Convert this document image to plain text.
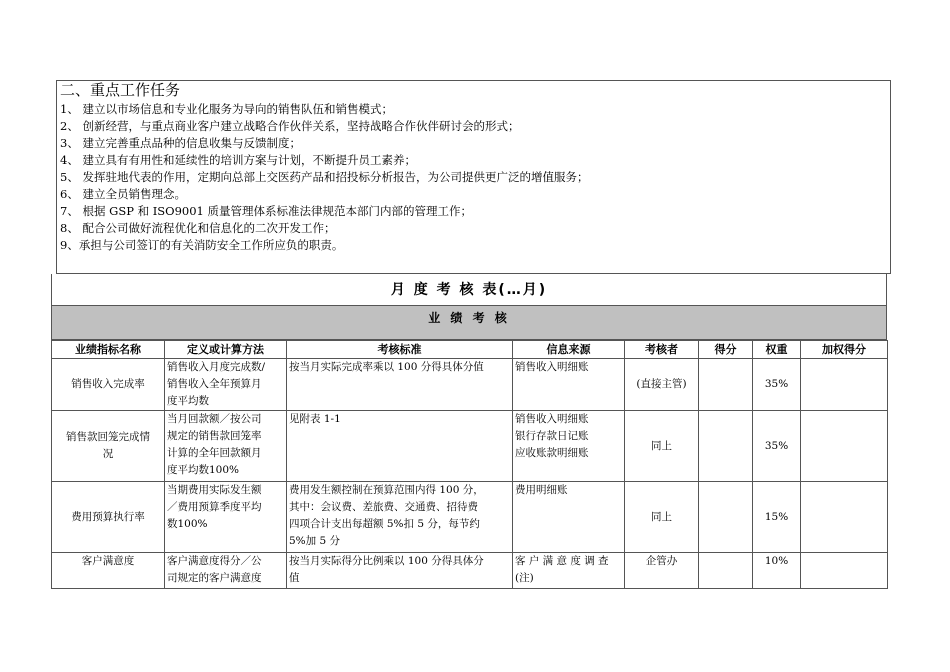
二、重点工作任务
1、 建立以市场信息和专业化服务为导向的销售队伍和销售模式；
2、 创新经营，与重点商业客户建立战略合作伙伴关系，坚持战略合作伙伴研讨会的形式；
3、 建立完善重点品种的信息收集与反馈制度；
4、 建立具有有用性和延续性的培训方案与计划，不断提升员工素养；
5、 发挥驻地代表的作用，定期向总部上交医药产品和招投标分析报告，为公司提供更广泛的增值服务；
6、 建立全员销售理念。
7、 根据 GSP 和 ISO9001 质量管理体系标准法律规范本部门内部的管理工作；
8、 配合公司做好流程优化和信息化的二次开发工作；
9、承担与公司签订的有关消防安全工作所应负的职责。
月 度 考 核 表(…月)
业 绩 考 核
业绩指标名称	定义或计算方法	考核标准	信息来源	考核者	得分	权重	加权得分

销售收入完成率	销售收入月度完成数/
销售收入全年预算月
度平均数	按当月实际完成率乘以 100 分得具体分值	销售收入明细账	(直接主管)		35%	

销售款回笼完成情
况	当月回款额／按公司
规定的销售款回笼率
计算的全年回款额月
度平均数100%	见附表 1-1	销售收入明细账
银行存款日记账
应收账款明细账	同上		35%	

费用预算执行率	当期费用实际发生额
／费用预算季度平均
数100%	费用发生额控制在预算范围内得 100 分，
其中：会议费、差旅费、交通费、招待费
四项合计支出每超额 5%扣 5 分，每节约
5%加 5 分	费用明细账	同上		15%	

客户满意度	客户满意度得分／公
司规定的客户满意度	按当月实际得分比例乘以 100 分得具体分
值	客 户 满 意 度 调 查
(注)	企管办		10%	
